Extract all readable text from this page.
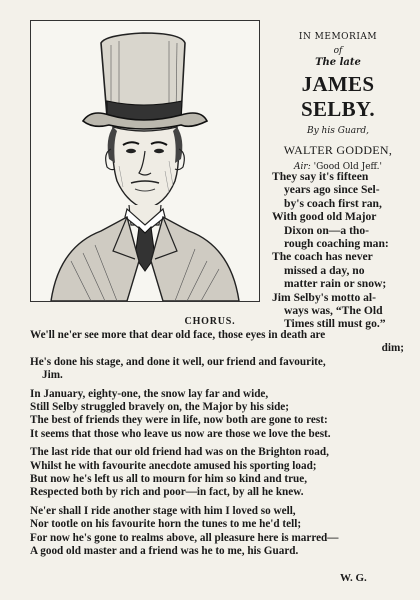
IN MEMORIAM
of
The late
JAMES SELBY.
By his Guard,
WALTER GODDEN,
Air: 'Good Old Jeff.'
They say it's fifteen
years ago since Sel-
by's coach first ran,
With good old Major
Dixon on—a tho-
rough coaching man:
The coach has never
missed a day, no
matter rain or snow;
Jim Selby's motto al-
ways was, “The Old
Times still must go.”
CHORUS.
We'll ne'er see more that dear old face, those eyes in death are
dim;
He's done his stage, and done it well, our friend and favourite,
Jim.
In January, eighty-one, the snow lay far and wide,
Still Selby struggled bravely on, the Major by his side;
The best of friends they were in life, now both are gone to rest:
It seems that those who leave us now are those we love the best.
The last ride that our old friend had was on the Brighton road,
Whilst he with favourite anecdote amused his sporting load;
But now he's left us all to mourn for him so kind and true,
Respected both by rich and poor—in fact, by all he knew.
Ne'er shall I ride another stage with him I loved so well,
Nor tootle on his favourite horn the tunes to me he'd tell;
For now he's gone to realms above, all pleasure here is marred—
A good old master and a friend was he to me, his Guard.
W. G.
